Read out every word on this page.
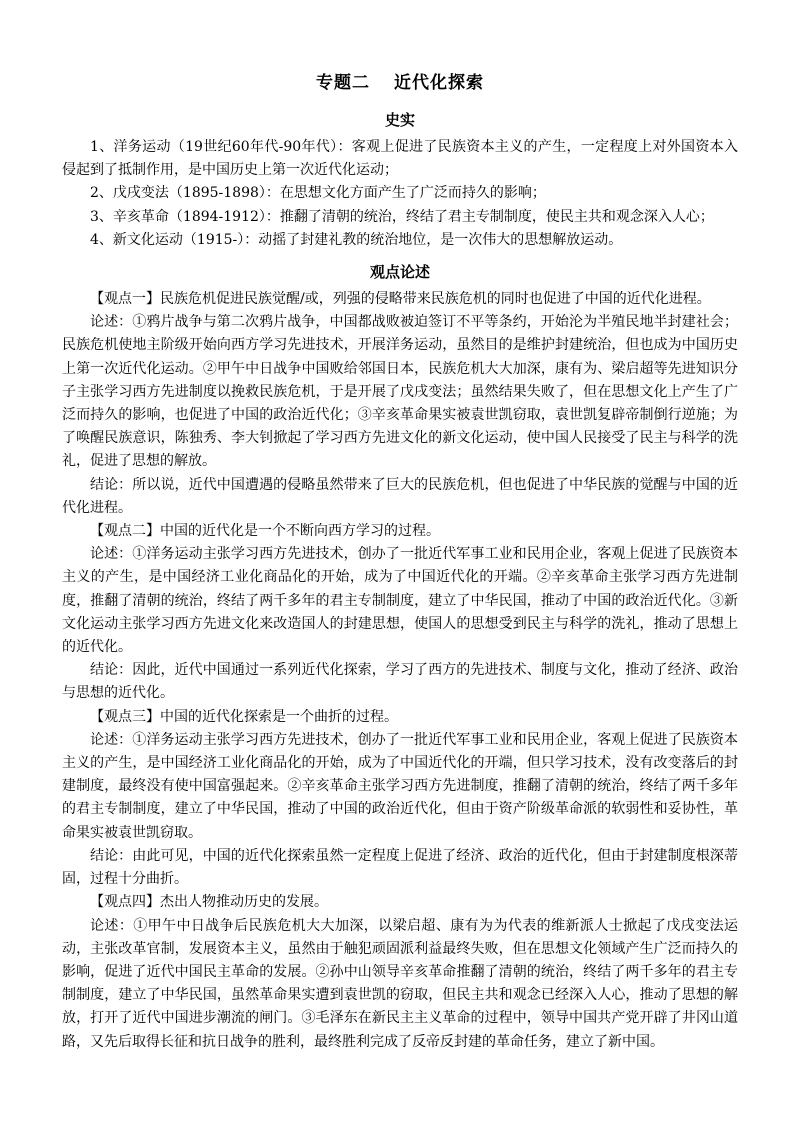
专题二 近代化探索
史实

1、洋务运动（19世纪60年代-90年代）：客观上促进了民族资本主义的产生，一定程度上对外国资本入侵起到了抵制作用，是中国历史上第一次近代化运动；

2、戊戌变法（1895-1898）：在思想文化方面产生了广泛而持久的影响；

3、辛亥革命（1894-1912）：推翻了清朝的统治，终结了君主专制制度，使民主共和观念深入人心；

4、新文化运动（1915-）：动摇了封建礼教的统治地位，是一次伟大的思想解放运动。

观点论述

【观点一】民族危机促进民族觉醒/或，列强的侵略带来民族危机的同时也促进了中国的近代化进程。

论述：①鸦片战争与第二次鸦片战争，中国都战败被迫签订不平等条约，开始沦为半殖民地半封建社会；民族危机使地主阶级开始向西方学习先进技术，开展洋务运动，虽然目的是维护封建统治，但也成为中国历史上第一次近代化运动。②甲午中日战争中国败给邻国日本，民族危机大大加深，康有为、梁启超等先进知识分子主张学习西方先进制度以挽救民族危机，于是开展了戊戌变法；虽然结果失败了，但在思想文化上产生了广泛而持久的影响，也促进了中国的政治近代化；③辛亥革命果实被袁世凯窃取，袁世凯复辟帝制倒行逆施；为了唤醒民族意识，陈独秀、李大钊掀起了学习西方先进文化的新文化运动，使中国人民接受了民主与科学的洗礼，促进了思想的解放。

结论：所以说，近代中国遭遇的侵略虽然带来了巨大的民族危机，但也促进了中华民族的觉醒与中国的近代化进程。

【观点二】中国的近代化是一个不断向西方学习的过程。

论述：①洋务运动主张学习西方先进技术，创办了一批近代军事工业和民用企业，客观上促进了民族资本主义的产生，是中国经济工业化商品化的开始，成为了中国近代化的开端。②辛亥革命主张学习西方先进制度，推翻了清朝的统治，终结了两千多年的君主专制制度，建立了中华民国，推动了中国的政治近代化。③新文化运动主张学习西方先进文化来改造国人的封建思想，使国人的思想受到民主与科学的洗礼，推动了思想上的近代化。

结论：因此，近代中国通过一系列近代化探索，学习了西方的先进技术、制度与文化，推动了经济、政治与思想的近代化。

【观点三】中国的近代化探索是一个曲折的过程。

论述：①洋务运动主张学习西方先进技术，创办了一批近代军事工业和民用企业，客观上促进了民族资本主义的产生，是中国经济工业化商品化的开始，成为了中国近代化的开端，但只学习技术，没有改变落后的封建制度，最终没有使中国富强起来。②辛亥革命主张学习西方先进制度，推翻了清朝的统治，终结了两千多年的君主专制制度，建立了中华民国，推动了中国的政治近代化，但由于资产阶级革命派的软弱性和妥协性，革命果实被袁世凯窃取。

结论：由此可见，中国的近代化探索虽然一定程度上促进了经济、政治的近代化，但由于封建制度根深蒂固，过程十分曲折。

【观点四】杰出人物推动历史的发展。

论述：①甲午中日战争后民族危机大大加深，以梁启超、康有为为代表的维新派人士掀起了戊戌变法运动，主张改革官制，发展资本主义，虽然由于触犯顽固派利益最终失败，但在思想文化领域产生广泛而持久的影响，促进了近代中国民主革命的发展。②孙中山领导辛亥革命推翻了清朝的统治，终结了两千多年的君主专制制度，建立了中华民国，虽然革命果实遭到袁世凯的窃取，但民主共和观念已经深入人心，推动了思想的解放，打开了近代中国进步潮流的闸门。③毛泽东在新民主主义革命的过程中，领导中国共产党开辟了井冈山道路，又先后取得长征和抗日战争的胜利，最终胜利完成了反帝反封建的革命任务，建立了新中国。
